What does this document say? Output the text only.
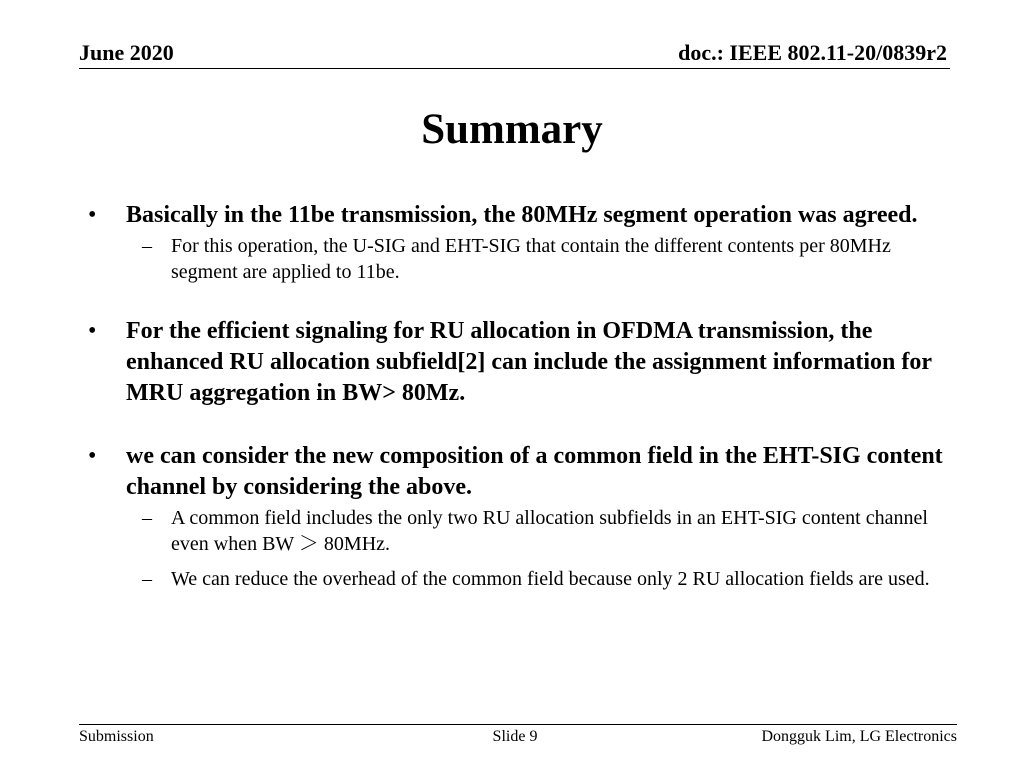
June 2020	doc.: IEEE 802.11-20/0839r2
Summary
• Basically in the 11be transmission, the 80MHz segment operation was agreed.
– For this operation, the U-SIG and EHT-SIG that contain the different contents per 80MHz segment are applied to 11be.
• For the efficient signaling for RU allocation in OFDMA transmission, the enhanced RU allocation subfield[2] can include the assignment information for MRU aggregation in BW> 80Mz.
• we can consider the new composition of a common field in the EHT-SIG content channel by considering the above.
– A common field includes the only two RU allocation subfields in an EHT-SIG content channel even when BW ＞ 80MHz.
– We can reduce the overhead of the common field because only 2 RU allocation fields are used.
Submission	Slide 9	Dongguk Lim, LG Electronics
